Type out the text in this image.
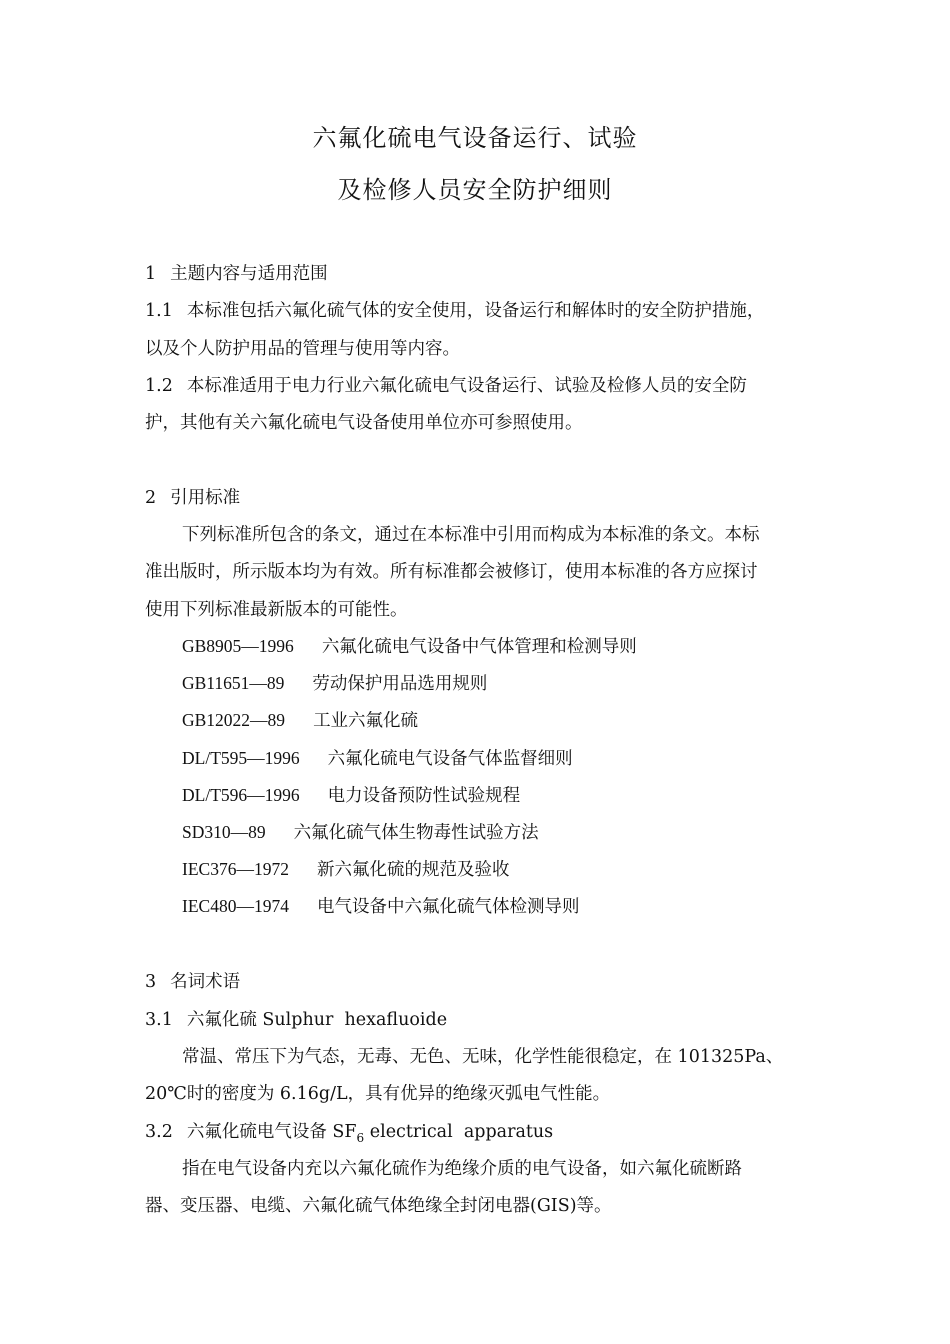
六氟化硫电气设备运行、试验
及检修人员安全防护细则
1 主题内容与适用范围
1.1 本标准包括六氟化硫气体的安全使用，设备运行和解体时的安全防护措施，
以及个人防护用品的管理与使用等内容。
1.2 本标准适用于电力行业六氟化硫电气设备运行、试验及检修人员的安全防
护，其他有关六氟化硫电气设备使用单位亦可参照使用。
2 引用标准
下列标准所包含的条文，通过在本标准中引用而构成为本标准的条文。本标
准出版时，所示版本均为有效。所有标准都会被修订，使用本标准的各方应探讨
使用下列标准最新版本的可能性。
GB8905—1996 六氟化硫电气设备中气体管理和检测导则
GB11651—89 劳动保护用品选用规则
GB12022—89 工业六氟化硫
DL/T595—1996 六氟化硫电气设备气体监督细则
DL/T596—1996 电力设备预防性试验规程
SD310—89 六氟化硫气体生物毒性试验方法
IEC376—1972 新六氟化硫的规范及验收
IEC480—1974 电气设备中六氟化硫气体检测导则
3 名词术语
3.1 六氟化硫 Sulphur  hexafluoide
常温、常压下为气态，无毒、无色、无味，化学性能很稳定，在 101325Pa、
20℃时的密度为 6.16g/L，具有优异的绝缘灭弧电气性能。
3.2 六氟化硫电气设备 $SF_6$ electrical  apparatus
指在电气设备内充以六氟化硫作为绝缘介质的电气设备，如六氟化硫断路
器、变压器、电缆、六氟化硫气体绝缘全封闭电器(GIS)等。
